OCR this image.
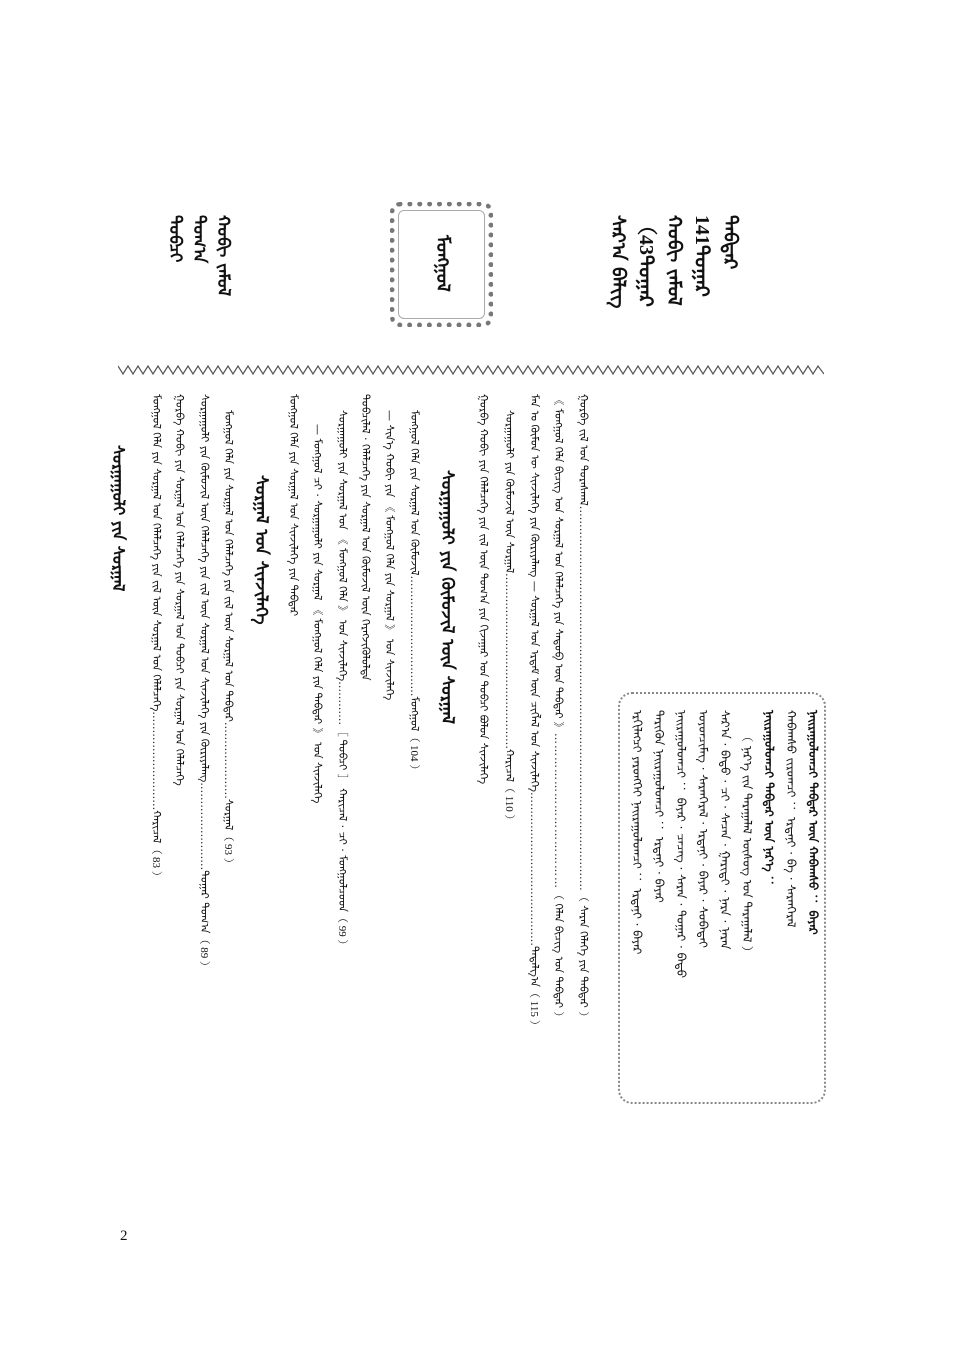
ᠰᠠᠷ᠎ᠠ ᠪᠡᠯᠢᠭ᠌ （43ᠳᠤᠭᠠᠷ ᠬᠤᠪᠢ ᠵᠠᠮᠤᠯ 141ᠳᠤᠭᠠᠷ
ᠳᠡᠪᠲᠡᠷ
ᠮᠣᠩᠭᠣᠯ
ᠲᠣᠪᠴᠢ ᠲᠣᠭ᠎ᠠ ᠬᠤᠪᠢ ᠵᠠᠮᠤᠯ
ᠡᠷᠬᠢᠯᠡᠭᠴᠢ ᠶᠡᠷᠦᠩᠬᠡᠢ ᠨᠠᠢᠷᠠᠭᠤᠯᠤᠭᠴᠢ ： ᠡᠷᠳᠡᠨᠢ · ᠪᠠᠶᠠᠷ ᠲᠡᠷᠢᠭᠦᠨ ᠨᠠᠢᠷᠠᠭᠤᠯᠤᠭᠴᠢ ： ᠡᠷᠳᠡᠨᠢ · ᠪᠠᠶᠠᠷ ᠨᠠᠢᠷᠠᠭᠤᠯᠤᠭᠴᠢ ： ᠪᠠᠶᠠᠷ · ᠴᠡᠴᠡᠭ · ᠰᠠᠷᠠᠨ · ᠳᠤᠭᠠᠷ · ᠪᠠᠲᠤ ᠣᠶᠤᠨᠴᠢᠮᠡᠭ · ᠰᠠᠷᠠᠨᠭᠡᠷᠡᠯ · ᠡᠷᠳᠡᠨᠢ · ᠪᠠᠶᠠᠷ · ᠰᠤᠪᠡᠳᠡᠢ ᠰᠠᠷ᠎ᠠ · ᠪᠠᠲᠤ · ᠴᠢ · ᠰᠡᠴᠡᠨ · ᠭᠠᠷᠢᠳᠢ · ᠨᠠᠷᠠ · ᠨᠠᠷᠠᠨ （ ᠨᠡᠷ᠎ᠡ ᠵᠢᠨ ᠳᠠᠷᠠᠭᠠᠯᠠᠯ ᠦᠰᠦᠭ ᠤᠨ ᠳᠠᠷᠠᠭᠠᠯᠠᠯ ） ᠨᠠᠢᠷᠠᠭᠤᠯᠤᠭᠴᠢ ᠳᠡᠪᠲᠡᠷ ᠦᠨ ᠨᠡᠷ᠎ᠡ ： ᠬᠠᠪᠬᠠᠰᠤ ᠵᠢᠷᠤᠭᠴᠢ ： ᠡᠷᠳᠡᠨᠢ · ᠪᠠ · ᠰᠠᠷᠠᠨᠭᠡᠷᠡᠯ ᠨᠠᠢᠷᠠᠭᠤᠯᠤᠭᠴᠢ ᠳᠡᠪᠲᠡᠷ ᠦᠨ ᠬᠠᠪᠬᠠᠰᠤ ： ᠪᠠᠶᠠᠷ
ᠭᠤᠷᠪᠠ ᠵᠢᠯ ᠤᠨ ᠳᠤᠷᠠᠰᠬᠠᠯ……………………………………………………………………………………………（ ᠰᠠᠷᠠᠨ ᠬᠡᠯᠡᠭᠡ ᠶᠢᠨ ᠳᠡᠪᠲᠡᠷ ）
《 ᠮᠣᠩᠭᠣᠯ ᠬᠡᠯᠡ ᠪᠢᠴᠢᠭ ᠤᠨ ᠰᠤᠷᠭᠠᠯ ᠤᠨ ᠬᠡᠯᠡᠯᠴᠡᠭᠡ ᠶᠢᠨ ᠰᠡᠳᠦᠪ ᠦᠨ ᠳᠡᠪᠲᠡᠷ 》…………………………………（ ᠬᠡᠯᠡᠨ ᠪᠢᠴᠢᠭ ᠤᠨ ᠳᠡᠪᠲᠡᠷ ）
ᠮᠠᠨ ᠤ ᠬᠦᠮᠦᠨ ᠦ ᠰᠢᠨᠵᠢᠯᠡᠭᠡ ᠶᠢᠨ ᠬᠦᠷᠢᠶᠡᠯᠡᠩ — ᠰᠤᠷᠭᠠᠯ ᠤᠨ ᠡᠷᠳᠡᠮ ᠦᠨ ᠴᠢᠭᠯᠡᠯ ᠤᠨ ᠰᠢᠨᠵᠢᠯᠡᠭᠡ……………………………………ᠲᠠᠲᠠᠯᠭ᠎ᠠ（ 115 ）
ᠰᠤᠷᠭᠠᠭᠤᠯᠢ ᠶᠢᠨ ᠬᠦᠮᠦᠵᠢᠯ ᠦᠨ ᠰᠤᠷᠭᠠᠯ…………………………………………ᠬᠠᠷᠢᠴᠠᠯ（ 110 ）
ᠭᠤᠷᠪᠠ ᠬᠤᠪᠢ ᠶᠢᠨ ᠬᠡᠯᠡᠯᠴᠡᠭᠡ ᠶᠢᠨ ᠵᠢᠯ ᠦᠨ ᠲᠣᠭ᠎ᠠ ᠶᠢᠨ ᠬᠢᠵᠠᠭᠠᠷ ᠤᠨ ᠲᠣᠪᠴᠢ ᠪᠣᠯᠤᠨ ᠰᠢᠨᠵᠢᠯᠡᠭᠡ
ᠰᠤᠷᠭᠠᠭᠤᠯᠢ ᠶᠢᠨ ᠬᠦᠮᠦᠵᠢᠯ ᠦᠨ ᠰᠤᠷᠭᠠᠯ
ᠮᠣᠩᠭᠣᠯ ᠬᠡᠯᠡ ᠶᠢᠨ ᠰᠤᠷᠭᠠᠯ ᠤᠨ ᠬᠦᠮᠦᠵᠢᠯ……………………………ᠮᠣᠩᠭᠣᠯ（ 104 ）
— ᠰᠢᠨ᠎ᠡ ᠬᠤᠪᠢ ᠶᠢᠨ 《 ᠮᠣᠩᠭᠣᠯ ᠬᠡᠯᠡ ᠶᠢᠨ ᠰᠤᠷᠭᠠᠯ 》 ᠤᠨ ᠰᠢᠨᠵᠢᠯᠡᠭᠡ
ᠲᠣᠪᠴᠢᠯᠠᠯ · ᠬᠡᠯᠡᠯᠴᠡᠭᠡ ᠶᠢᠨ ᠰᠤᠷᠭᠠᠯ ᠤᠨ ᠬᠦᠮᠦᠵᠢᠯ ᠦᠨ ᠬᠡᠷᠡᠭᠵᠢᠭᠦᠯᠦᠯᠲᠡ
ᠰᠤᠷᠭᠠᠭᠤᠯᠢ ᠶᠢᠨ ᠰᠤᠷᠭᠠᠯ ᠤᠨ 《 ᠮᠣᠩᠭᠣᠯ ᠬᠡᠯᠡ 》 ᠤᠨ ᠰᠢᠨᠵᠢᠯᠡᠭᠡ…………［ ᠲᠣᠪᠴᠢ ］ ᠬᠠᠷᠢᠴᠠᠯ · ᠴᠢ · ᠮᠣᠩᠭᠣᠯᠴᠤᠳ（ 99 ）
— ᠮᠣᠩᠭᠣᠯ ᠴᠢ · ᠰᠤᠷᠭᠠᠭᠤᠯᠢ ᠶᠢᠨ ᠰᠤᠷᠭᠠᠯ 《 ᠮᠣᠩᠭᠣᠯ ᠬᠡᠯᠡ ᠶᠢᠨ ᠳᠡᠪᠲᠡᠷ 》 ᠤᠨ ᠰᠢᠨᠵᠢᠯᠡᠭᠡ
ᠮᠣᠩᠭᠣᠯ ᠬᠡᠯᠡ ᠶᠢᠨ ᠰᠤᠷᠭᠠᠯ ᠤᠨ ᠰᠢᠨᠵᠢᠯᠡᠭᠡ ᠶᠢᠨ ᠳᠡᠪᠲᠡᠷ
ᠰᠤᠷᠭᠠᠯ ᠤᠨ ᠰᠢᠨᠵᠢᠯᠡᠭᠡ
ᠮᠣᠩᠭᠣᠯ ᠬᠡᠯᠡ ᠶᠢᠨ ᠰᠤᠷᠭᠠᠯ ᠤᠨ ᠬᠡᠯᠡᠯᠴᠡᠭᠡ ᠶᠢᠨ ᠵᠢᠯ ᠦᠨ ᠰᠤᠷᠭᠠᠯ ᠤᠨ ᠳᠡᠪᠲᠡᠷ…………………ᠰᠤᠷᠭᠠᠯ（ 93 ）
ᠰᠤᠷᠭᠠᠭᠤᠯᠢ ᠶᠢᠨ ᠬᠦᠮᠦᠵᠢᠯ ᠦᠨ ᠬᠡᠯᠡᠯᠴᠡᠭᠡ ᠶᠢᠨ ᠵᠢᠯ ᠦᠨ ᠰᠤᠷᠭᠠᠯ ᠤᠨ ᠰᠢᠨᠵᠢᠯᠡᠭᠡ ᠶᠢᠨ ᠬᠦᠷᠢᠶᠡᠯᠡᠩ……………………ᠳᠤᠭᠠᠷ ᠲᠣᠭ᠎ᠠ（ 89 ）
ᠭᠤᠷᠪᠠ ᠬᠤᠪᠢ ᠶᠢᠨ ᠰᠤᠷᠭᠠᠯ ᠤᠨ ᠬᠡᠯᠡᠯᠴᠡᠭᠡ ᠶᠢᠨ ᠰᠤᠷᠭᠠᠯ ᠤᠨ ᠲᠣᠪᠴᠢ ᠶᠢᠨ ᠰᠤᠷᠭᠠᠯ ᠤᠨ ᠬᠡᠯᠡᠯᠴᠡᠭᠡ
ᠮᠣᠩᠭᠣᠯ ᠬᠡᠯᠡ ᠶᠢᠨ ᠰᠤᠷᠭᠠᠯ ᠤᠨ ᠬᠡᠯᠡᠯᠴᠡᠭᠡ ᠶᠢᠨ ᠵᠢᠯ ᠦᠨ ᠰᠤᠷᠭᠠᠯ ᠤᠨ ᠬᠡᠯᠡᠯᠴᠡᠭᠡ………………………ᠬᠠᠷᠢᠴᠠᠯ（ 83 ）
ᠰᠤᠷᠭᠠᠭᠤᠯᠢ ᠶᠢᠨ ᠰᠤᠷᠭᠠᠯ
2
